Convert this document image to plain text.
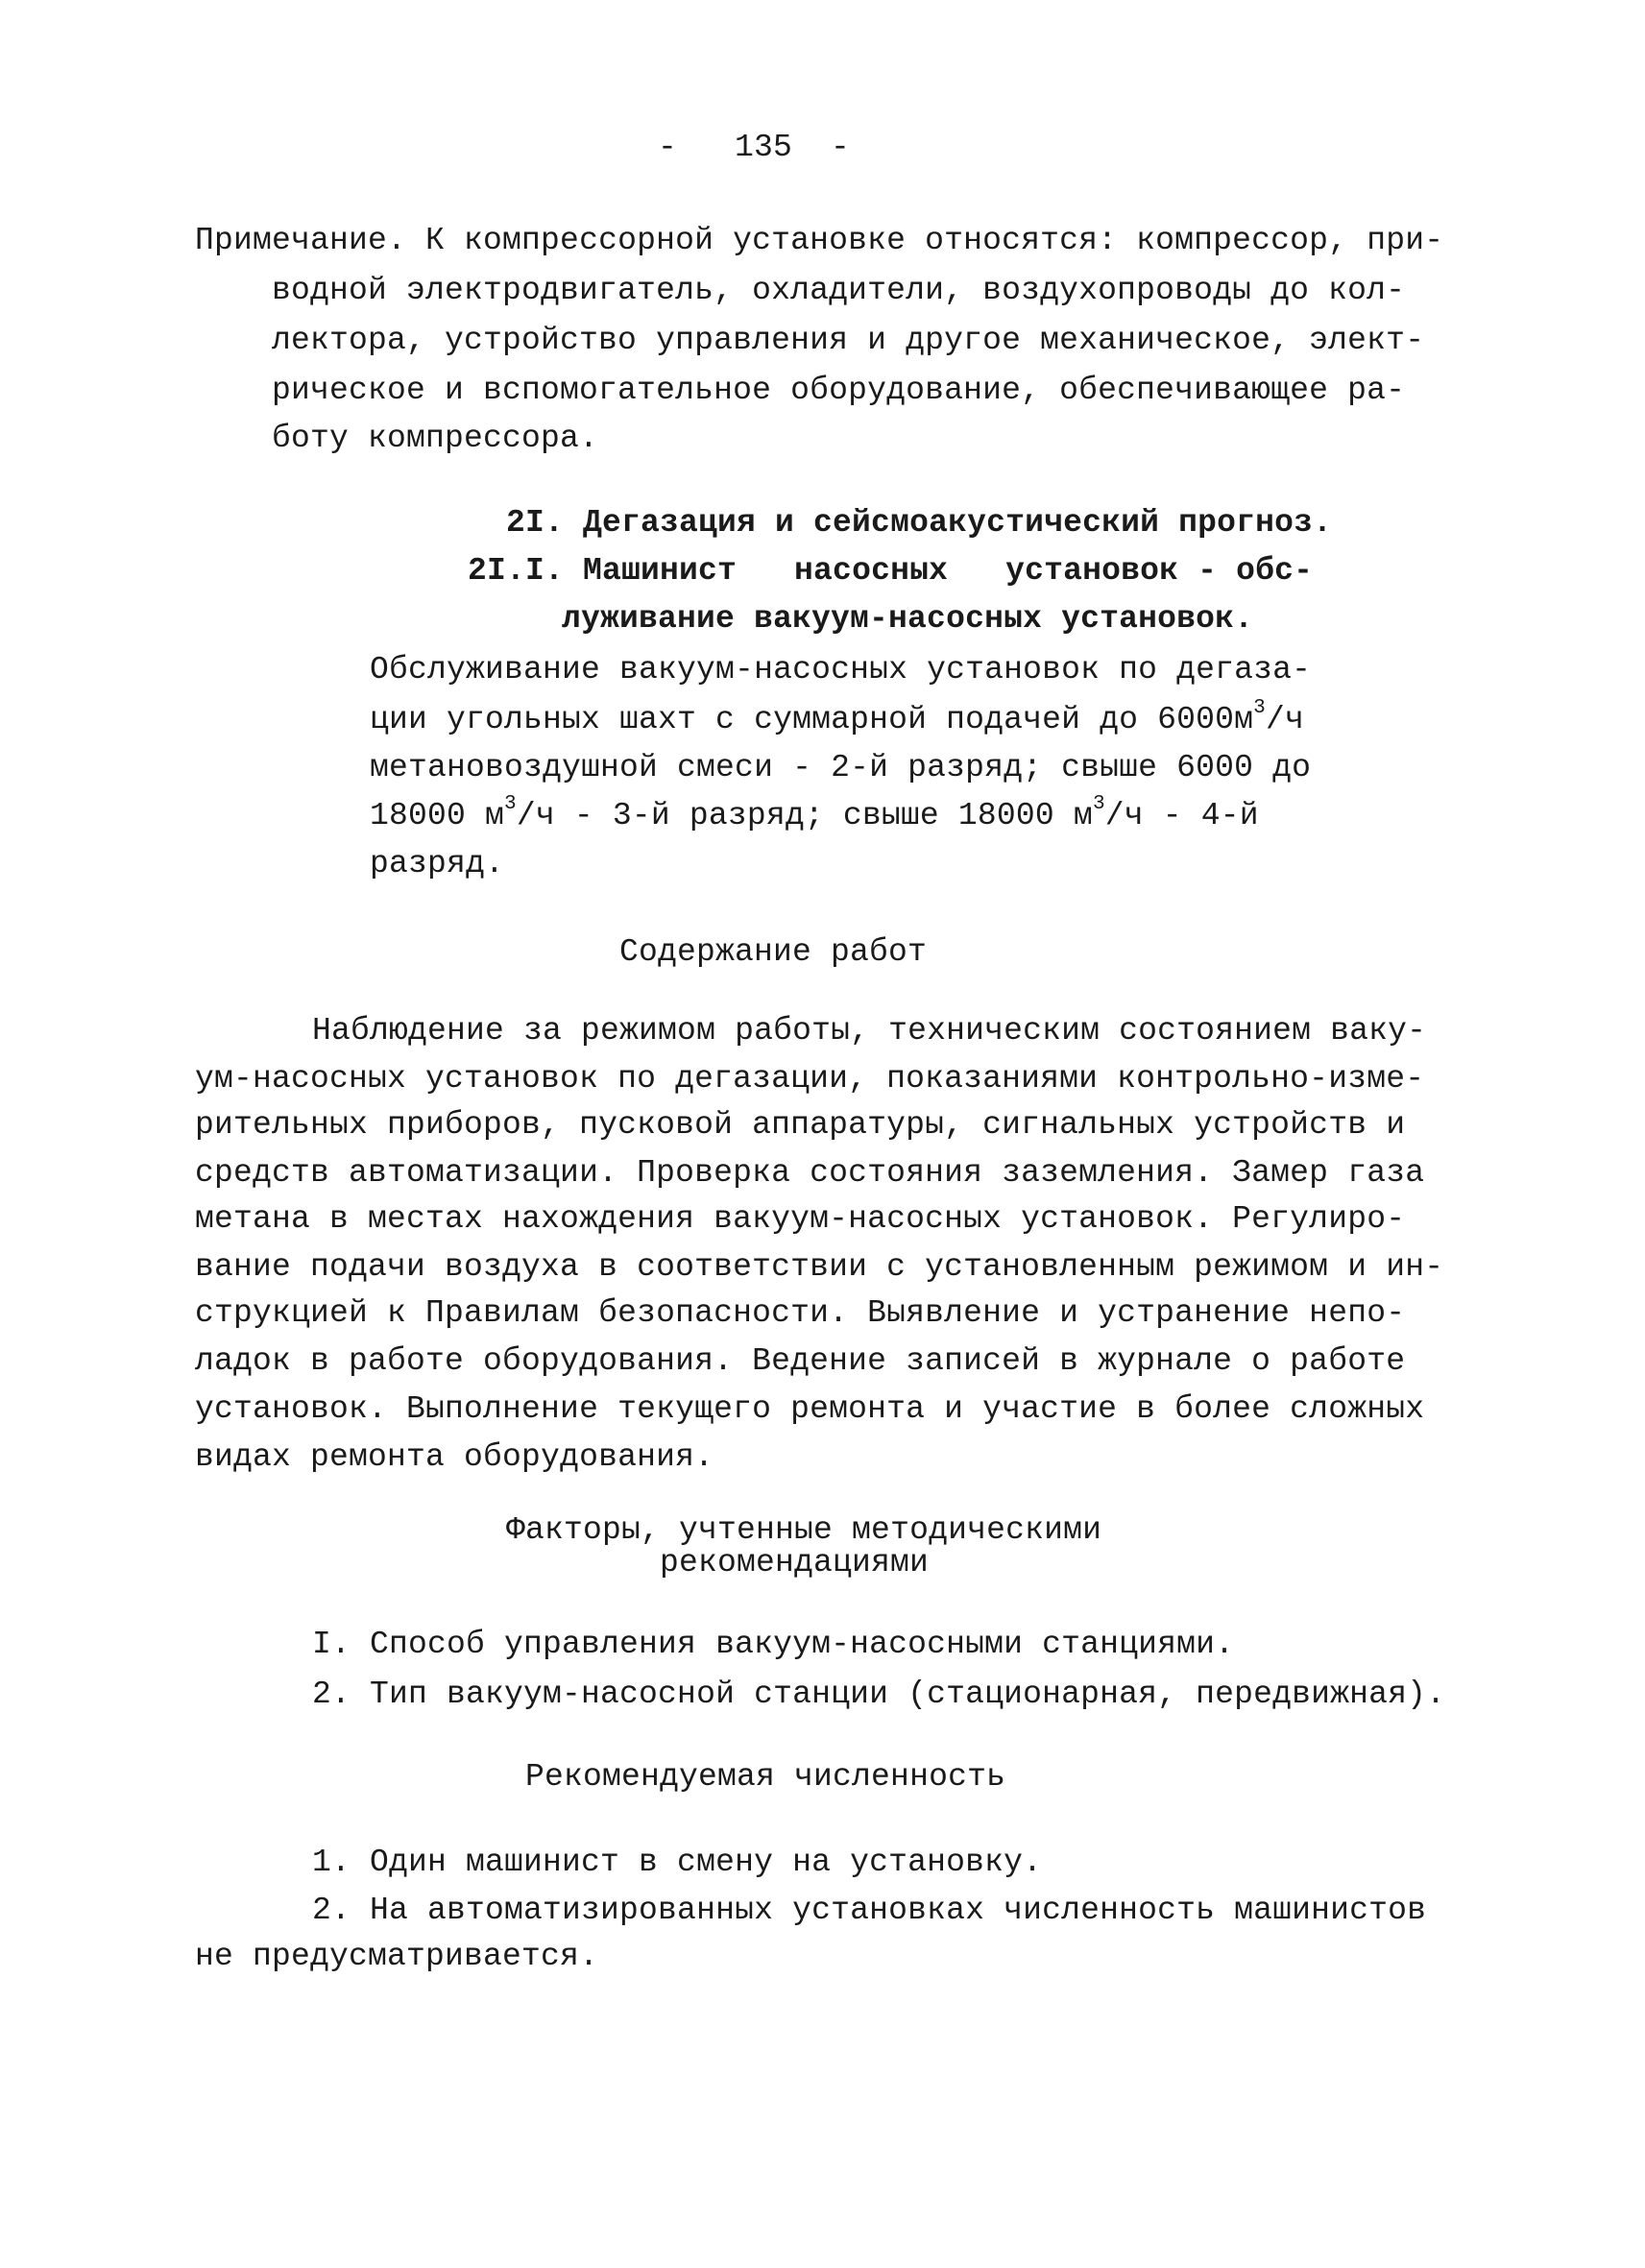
-   135  -
Примечание. К компрессорной установке относятся: компрессор, при-
водной электродвигатель, охладители, воздухопроводы до кол-
лектора, устройство управления и другое механическое, элект-
рическое и вспомогательное оборудование, обеспечивающее ра-
боту компрессора.
2I. Дегазация и сейсмоакустический прогноз.
2I.I. Машинист   насосных   установок - обс-
луживание вакуум-насосных установок.
Обслуживание вакуум-насосных установок по дегаза-
ции угольных шахт с суммарной подачей до $6000м^3/ч$
метановоздушной смеси - 2-й разряд; свыше 6000 до
18000 $м^3/ч - 3-й$ разряд; свыше 18000 $м^3/ч - 4-й$
разряд.
Содержание работ
Наблюдение за режимом работы, техническим состоянием ваку-
ум-насосных установок по дегазации, показаниями контрольно-изме-
рительных приборов, пусковой аппаратуры, сигнальных устройств и
средств автоматизации. Проверка состояния заземления. Замер газа
метана в местах нахождения вакуум-насосных установок. Регулиро-
вание подачи воздуха в соответствии с установленным режимом и ин-
струкцией к Правилам безопасности. Выявление и устранение непо-
ладок в работе оборудования. Ведение записей в журнале о работе
установок. Выполнение текущего ремонта и участие в более сложных
видах ремонта оборудования.
Факторы, учтенные методическими
рекомендациями
I. Способ управления вакуум-насосными станциями.
2. Тип вакуум-насосной станции (стационарная, передвижная).
Рекомендуемая численность
1. Один машинист в смену на установку.
2. На автоматизированных установках численность машинистов
не предусматривается.
